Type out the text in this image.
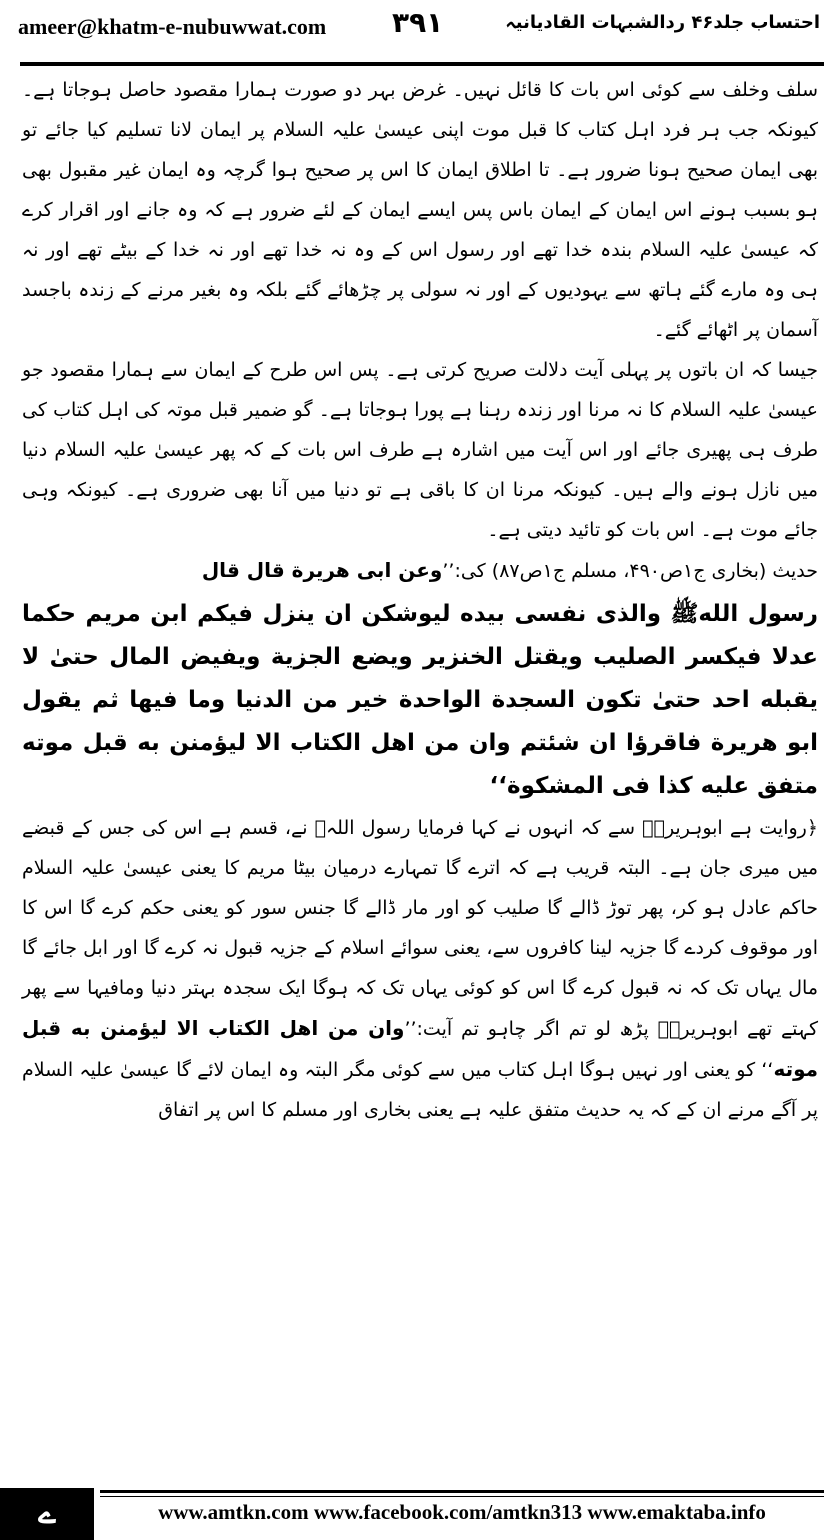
ameer@khatm-e-nubuwwat.com ۳۹۱	احتساب جلد۴۶ ردالشبہات القادیانیہ

سلف وخلف سے کوئی اس بات کا قائل نہیں۔ غرض بہر دو صورت ہمارا مقصود حاصل ہوجاتا ہے۔ کیونکہ جب ہر فرد اہل کتاب کا قبل موت اپنی عیسیٰ علیہ السلام پر ایمان لانا تسلیم کیا جائے تو بھی ایمان صحیح ہونا ضرور ہے۔ تا اطلاق ایمان کا اس پر صحیح ہوا گرچہ وہ ایمان غیر مقبول بھی ہو بسبب ہونے اس ایمان کے ایمان باس پس ایسے ایمان کے لئے ضرور ہے کہ وہ جانے اور اقرار کرے کہ عیسیٰ علیہ السلام بندہ خدا تھے اور رسول اس کے وہ نہ خدا تھے اور نہ خدا کے بیٹے تھے اور نہ ہی وہ مارے گئے ہاتھ سے یہودیوں کے اور نہ سولی پر چڑھائے گئے بلکہ وہ بغیر مرنے کے زندہ باجسد آسمان پر اٹھائے گئے۔

جیسا کہ ان باتوں پر پہلی آیت دلالت صریح کرتی ہے۔ پس اس طرح کے ایمان سے ہمارا مقصود جو عیسیٰ علیہ السلام کا نہ مرنا اور زندہ رہنا ہے پورا ہوجاتا ہے۔ گو ضمیر قبل موتہ کی اہل کتاب کی طرف ہی پھیری جائے اور اس آیت میں اشارہ ہے طرف اس بات کے کہ پھر عیسیٰ علیہ السلام دنیا میں نازل ہونے والے ہیں۔ کیونکہ مرنا ان کا باقی ہے تو دنیا میں آنا بھی ضروری ہے۔ کیونکہ وہی جائے موت ہے۔ اس بات کو تائید دیتی ہے۔

حدیث (بخاری ج۱ص۴۹۰، مسلم ج۱ص۸۷) کی:’’وعن ابی هريرة قال قال

رسول اللهﷺ والذی نفسی بيده ليوشكن ان ينزل فيكم ابن مريم حكما عدلا فيكسر الصليب ويقتل الخنزير ويضع الجزية ويفيض المال حتىٰ لا يقبله احد حتىٰ تكون السجدة الواحدة خير من الدنيا وما فيها ثم يقول ابو هريرة فاقرؤا ان شئتم وان من اهل الكتاب الا ليؤمنن به قبل موته متفق عليه كذا فی المشكوة‘‘

﴿روایت ہے ابوہریرہؓ سے کہ انہوں نے کہا فرمایا رسول اللہﷺ نے، قسم ہے اس کی جس کے قبضے میں میری جان ہے۔ البتہ قریب ہے کہ اترے گا تمہارے درمیان بیٹا مریم کا یعنی عیسیٰ علیہ السلام حاکم عادل ہو کر، پھر توڑ ڈالے گا صلیب کو اور مار ڈالے گا جنس سور کو یعنی حکم کرے گا اس کا اور موقوف کردے گا جزیہ لینا کافروں سے، یعنی سوائے اسلام کے جزیہ قبول نہ کرے گا اور ابل جائے گا مال یہاں تک کہ نہ قبول کرے گا اس کو کوئی یہاں تک کہ ہوگا ایک سجدہ بہتر دنیا ومافیہا سے پھر کہتے تھے ابوہریرہؓ پڑھ لو تم اگر چاہو تم آیت:’’وان من اهل الكتاب الا ليؤمنن به قبل موته‘‘ کو یعنی اور نہیں ہوگا اہل کتاب میں سے کوئی مگر البتہ وہ ایمان لائے گا عیسیٰ علیہ السلام پر آگے مرنے ان کے کہ یہ حدیث متفق علیہ ہے یعنی بخاری اور مسلم کا اس پر اتفاق

ے	www.amtkn.com www.facebook.com/amtkn313 www.emaktaba.info
